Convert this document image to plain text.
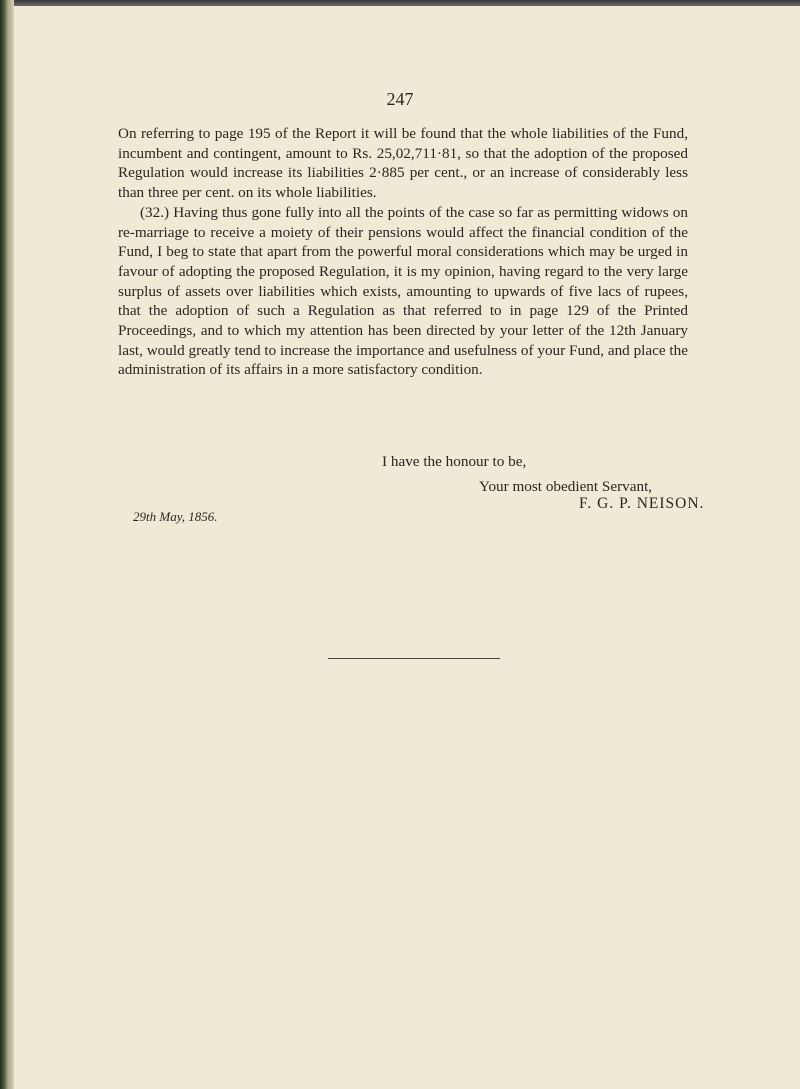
247

On referring to page 195 of the Report it will be found that the whole liabilities of the Fund, incumbent and contingent, amount to Rs. 25,02,711·81, so that the adoption of the proposed Regulation would increase its liabilities 2·885 per cent., or an increase of considerably less than three per cent. on its whole liabilities.

(32.) Having thus gone fully into all the points of the case so far as permitting widows on re-marriage to receive a moiety of their pensions would affect the financial condition of the Fund, I beg to state that apart from the powerful moral considerations which may be urged in favour of adopting the proposed Regulation, it is my opinion, having regard to the very large surplus of assets over liabilities which exists, amounting to upwards of five lacs of rupees, that the adoption of such a Regulation as that referred to in page 129 of the Printed Proceedings, and to which my attention has been directed by your letter of the 12th January last, would greatly tend to increase the importance and usefulness of your Fund, and place the administration of its affairs in a more satisfactory condition.

I have the honour to be,
Your most obedient Servant,
F. G. P. NEISON.
29th May, 1856.
